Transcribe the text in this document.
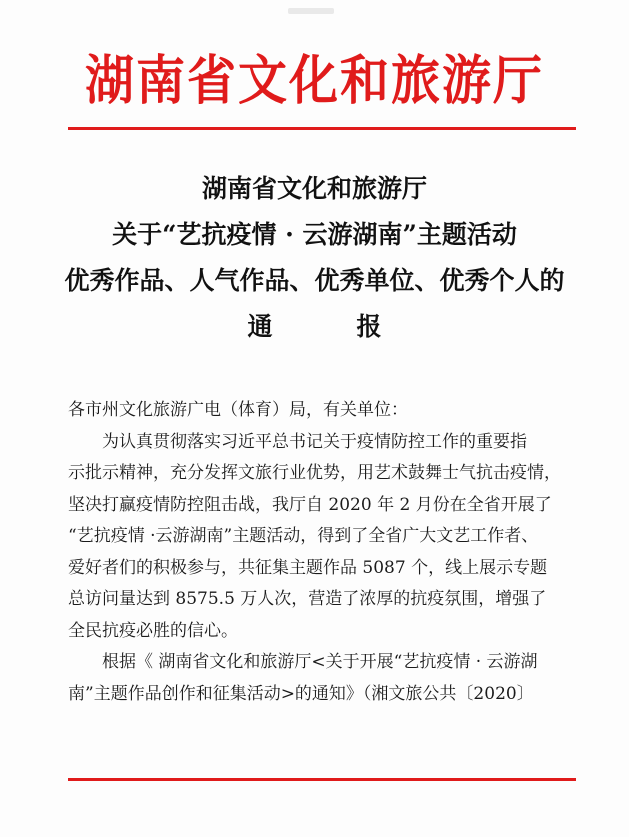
湖南省文化和旅游厅
湖南省文化和旅游厅
关于“艺抗疫情 · 云游湖南”主题活动
优秀作品、人气作品、优秀单位、优秀个人的
通	报
各市州文化旅游广电（体育）局，有关单位：
为认真贯彻落实习近平总书记关于疫情防控工作的重要指
示批示精神，充分发挥文旅行业优势，用艺术鼓舞士气抗击疫情，
坚决打赢疫情防控阻击战，我厅自 2020 年 2 月份在全省开展了
“艺抗疫情 ·云游湖南”主题活动，得到了全省广大文艺工作者、
爱好者们的积极参与，共征集主题作品 5087 个，线上展示专题
总访问量达到 8575.5 万人次，营造了浓厚的抗疫氛围，增强了
全民抗疫必胜的信心。
根据《 湖南省文化和旅游厅<关于开展“艺抗疫情 · 云游湖
南”主题作品创作和征集活动>的通知》（湘文旅公共〔2020〕
